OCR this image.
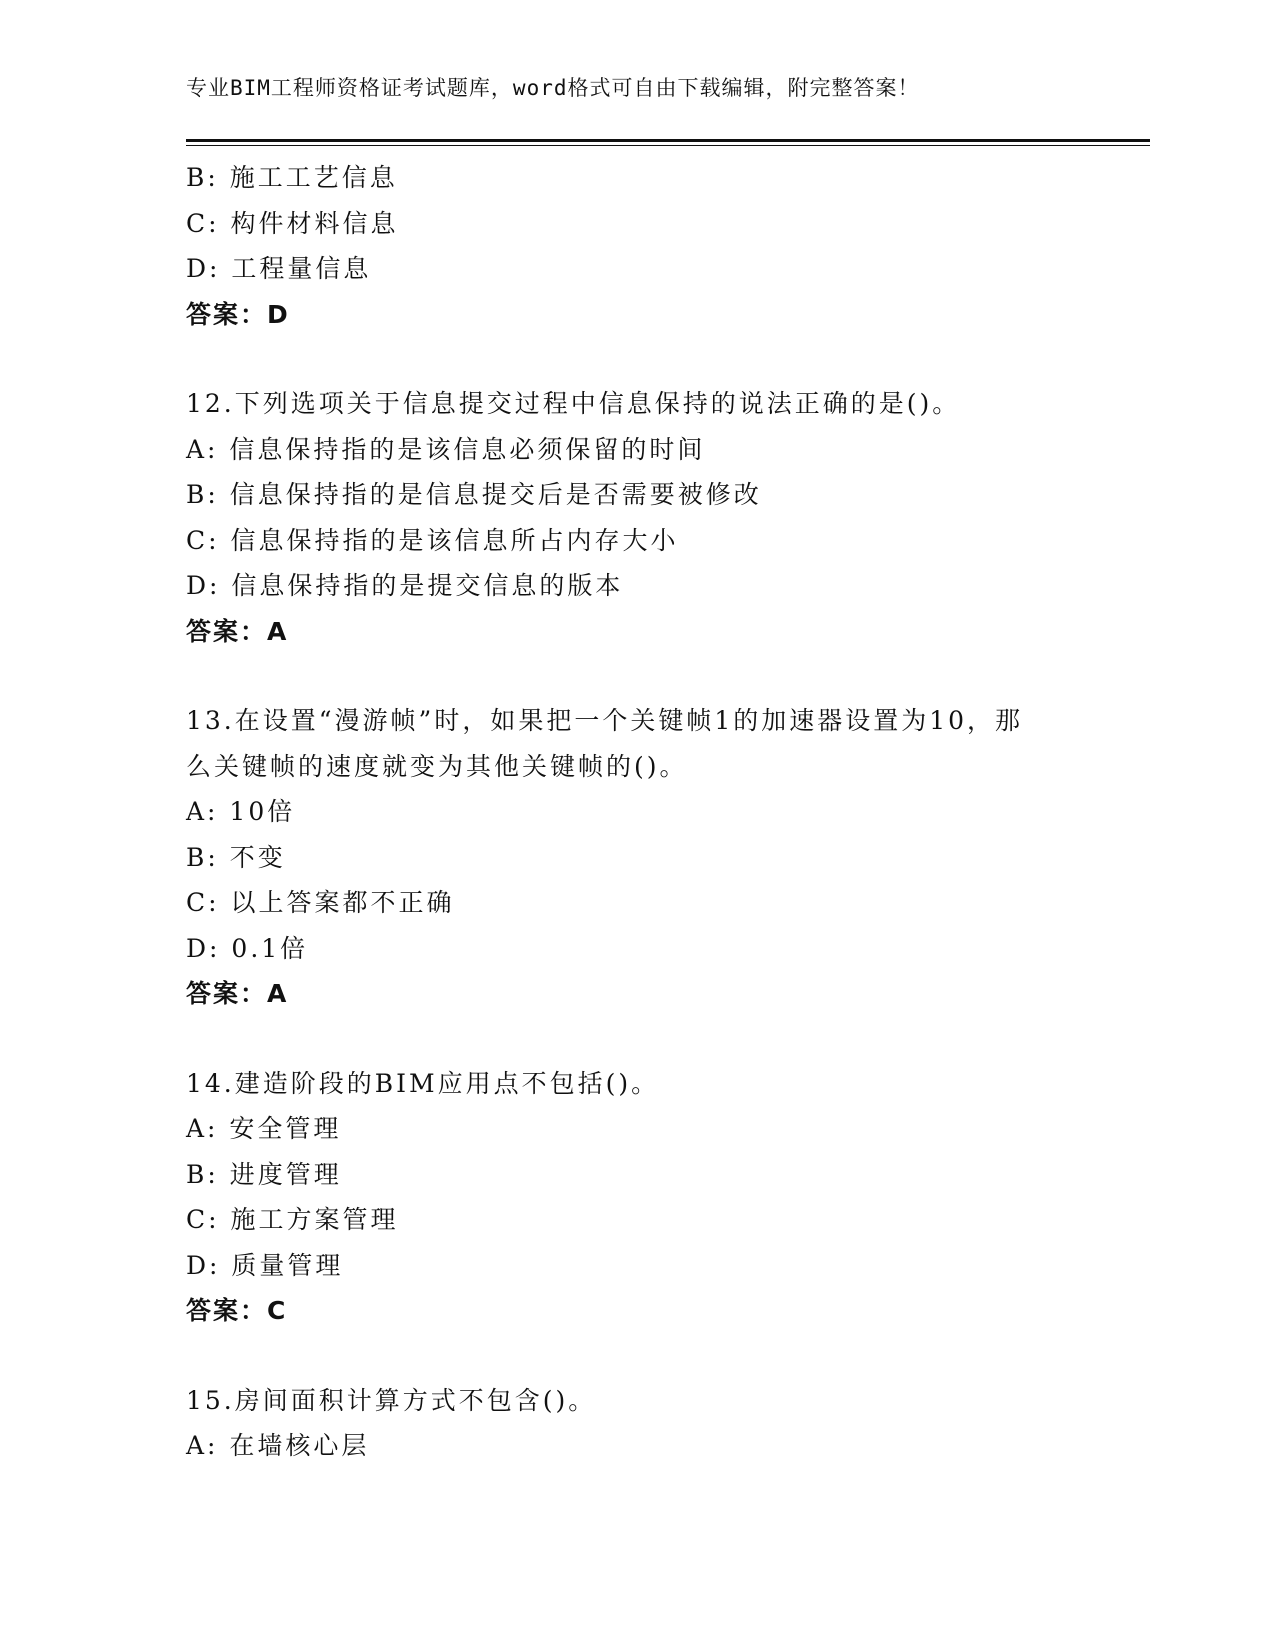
专业BIM工程师资格证考试题库，word格式可自由下载编辑，附完整答案！
B: 施工工艺信息
C: 构件材料信息
D: 工程量信息
答案：D
12.下列选项关于信息提交过程中信息保持的说法正确的是()。
A: 信息保持指的是该信息必须保留的时间
B: 信息保持指的是信息提交后是否需要被修改
C: 信息保持指的是该信息所占内存大小
D: 信息保持指的是提交信息的版本
答案：A
13.在设置“漫游帧”时，如果把一个关键帧1的加速器设置为10，那
么关键帧的速度就变为其他关键帧的()。
A: 10倍
B: 不变
C: 以上答案都不正确
D: 0.1倍
答案：A
14.建造阶段的BIM应用点不包括()。
A: 安全管理
B: 进度管理
C: 施工方案管理
D: 质量管理
答案：C
15.房间面积计算方式不包含()。
A: 在墙核心层
